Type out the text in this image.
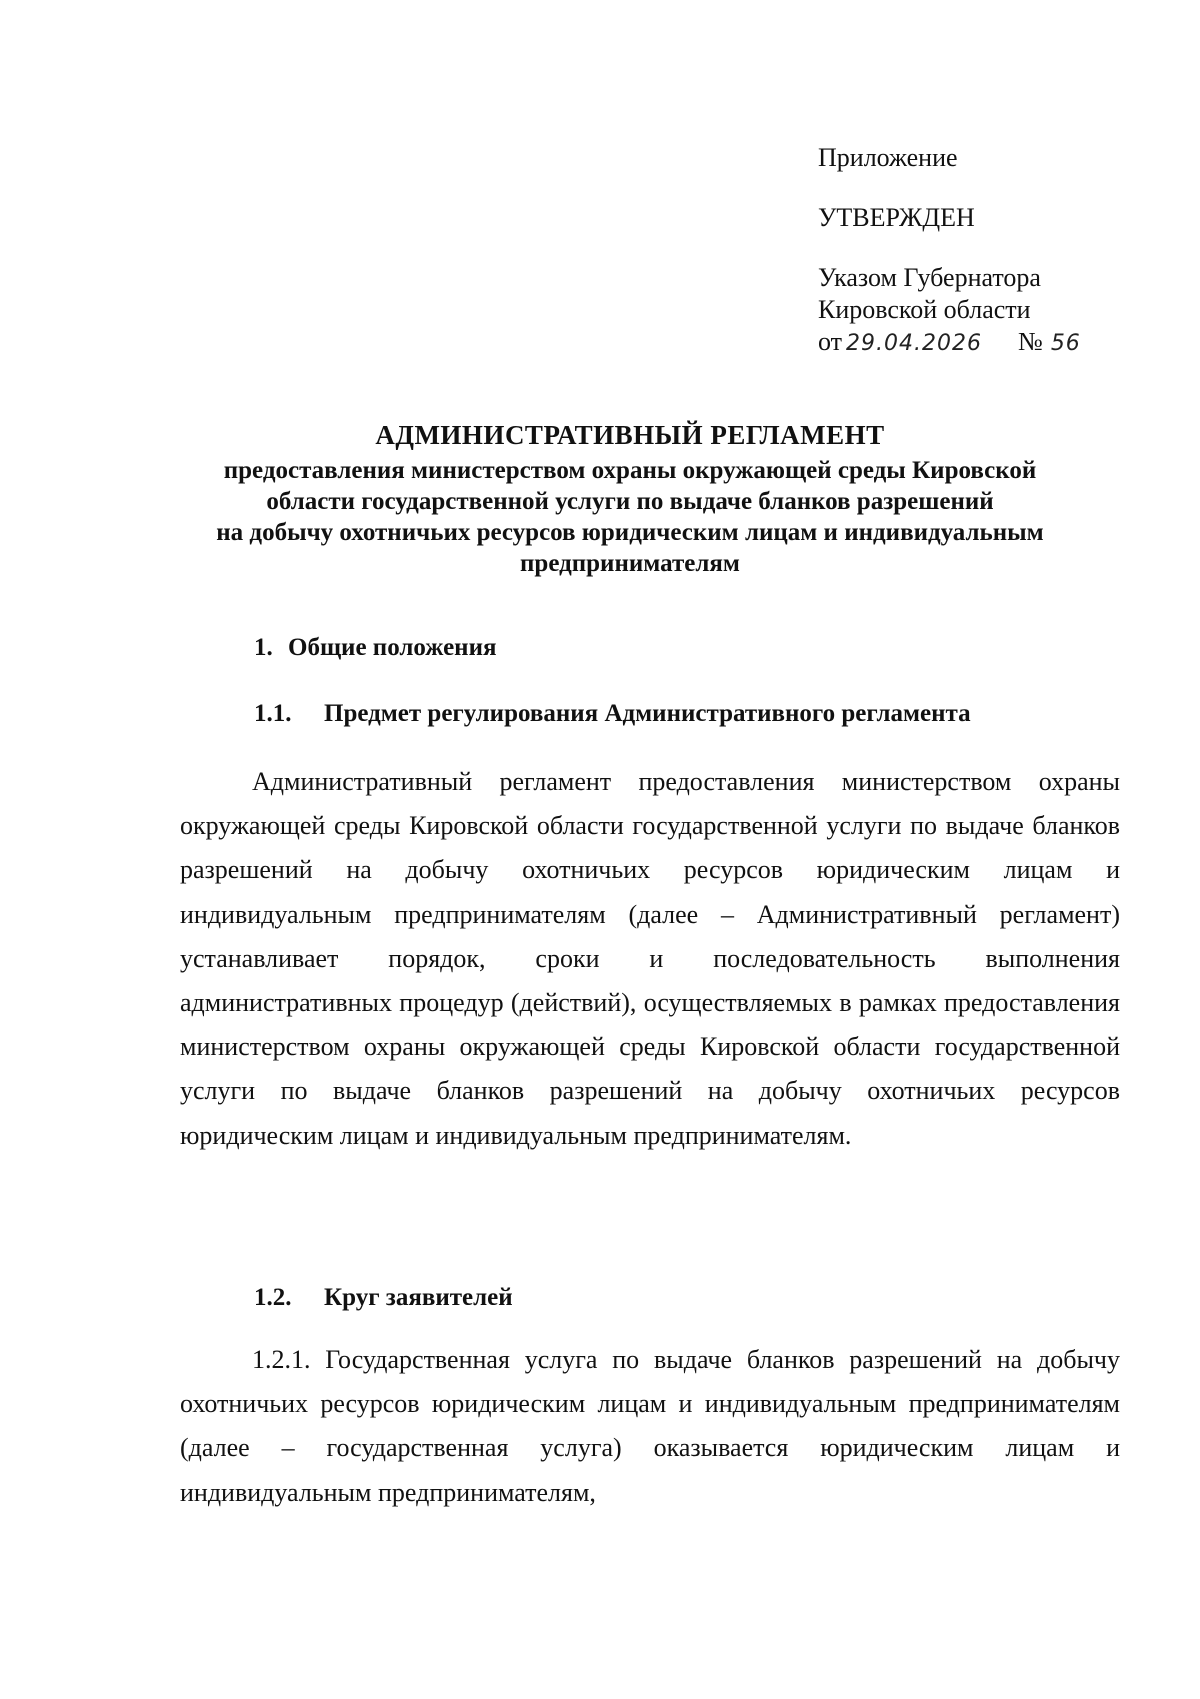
Приложение
УТВЕРЖДЕН
Указом Губернатора
Кировской области
от 29.04.2026 № 56
АДМИНИСТРАТИВНЫЙ РЕГЛАМЕНТ
предоставления министерством охраны окружающей среды Кировской
области государственной услуги по выдаче бланков разрешений
на добычу охотничьих ресурсов юридическим лицам и индивидуальным
предпринимателям
1. Общие положения
1.1. Предмет регулирования Административного регламента
Административный регламент предоставления министерством охраны окружающей среды Кировской области государственной услуги по выдаче бланков разрешений на добычу охотничьих ресурсов юридическим лицам и индивидуальным предпринимателям (далее – Административный регламент) устанавливает порядок, сроки и последовательность выполнения административных процедур (действий), осуществляемых в рамках предоставления министерством охраны окружающей среды Кировской области государственной услуги по выдаче бланков разрешений на добычу охотничьих ресурсов юридическим лицам и индивидуальным предпринимателям.
1.2. Круг заявителей
1.2.1. Государственная услуга по выдаче бланков разрешений на добычу охотничьих ресурсов юридическим лицам и индивидуальным предпринимателям (далее – государственная услуга) оказывается юридическим лицам и индивидуальным предпринимателям,
